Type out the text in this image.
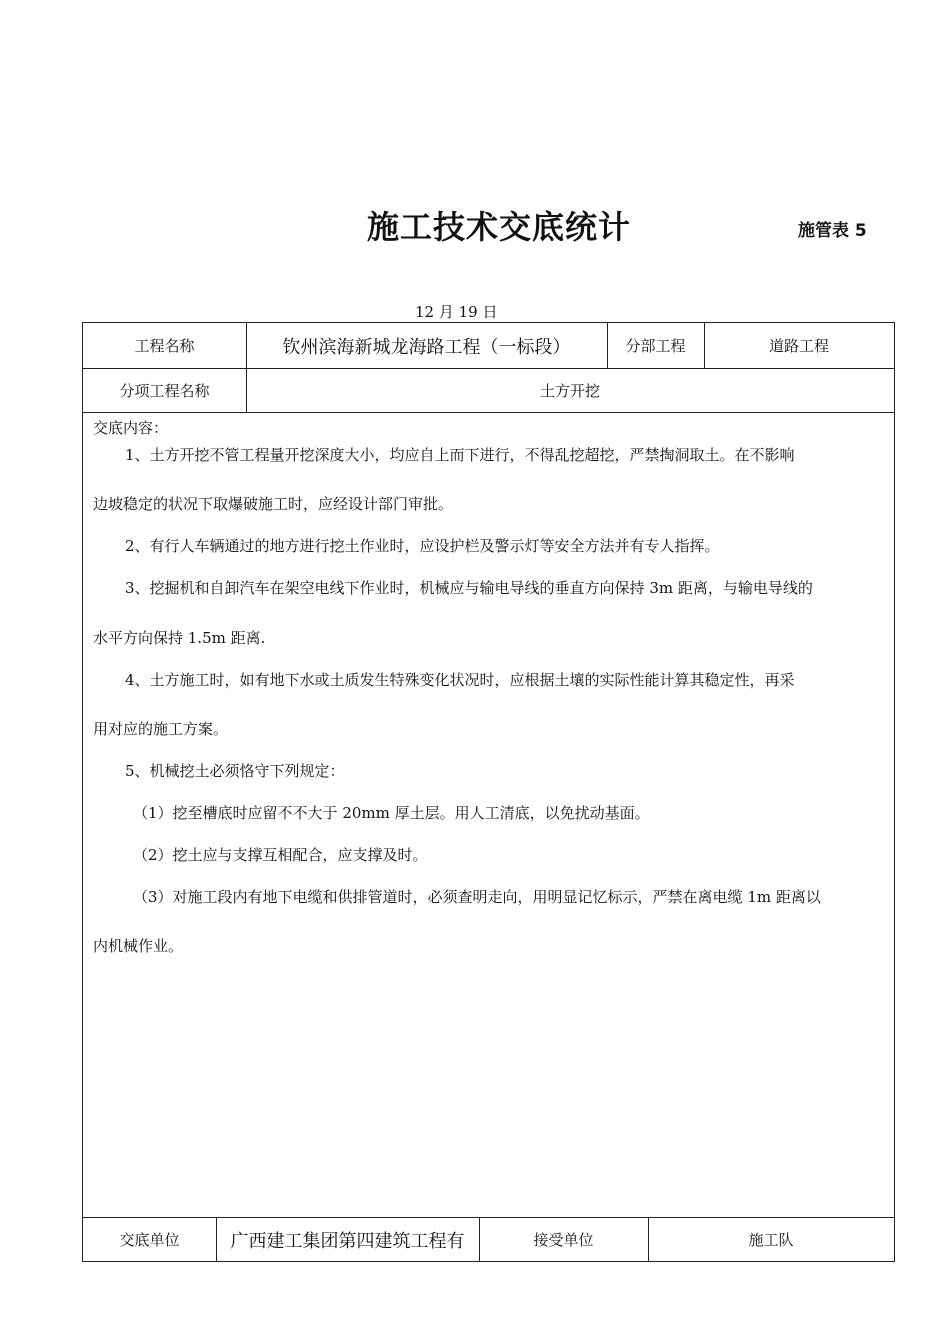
施工技术交底统计	施管表 5
12 月 19 日
工程名称	钦州滨海新城龙海路工程（一标段）	分部工程	道路工程
分项工程名称	土方开挖
交底内容：

1、土方开挖不管工程量开挖深度大小，均应自上而下进行，不得乱挖超挖，严禁掏洞取土。在不影响

边坡稳定的状况下取爆破施工时，应经设计部门审批。

2、有行人车辆通过的地方进行挖土作业时，应设护栏及警示灯等安全方法并有专人指挥。

3、挖掘机和自卸汽车在架空电线下作业时，机械应与输电导线的垂直方向保持 3m 距离，与输电导线的

水平方向保持 1.5m 距离.

4、土方施工时，如有地下水或土质发生特殊变化状况时，应根据土壤的实际性能计算其稳定性，再采

用对应的施工方案。

5、机械挖土必须恪守下列规定：

（1）挖至槽底时应留不不大于 20mm 厚土层。用人工清底，以免扰动基面。

（2）挖土应与支撑互相配合，应支撑及时。

（3）对施工段内有地下电缆和供排管道时，必须查明走向，用明显记忆标示，严禁在离电缆 1m 距离以

内机械作业。

交底单位	广西建工集团第四建筑工程有	接受单位	施工队
